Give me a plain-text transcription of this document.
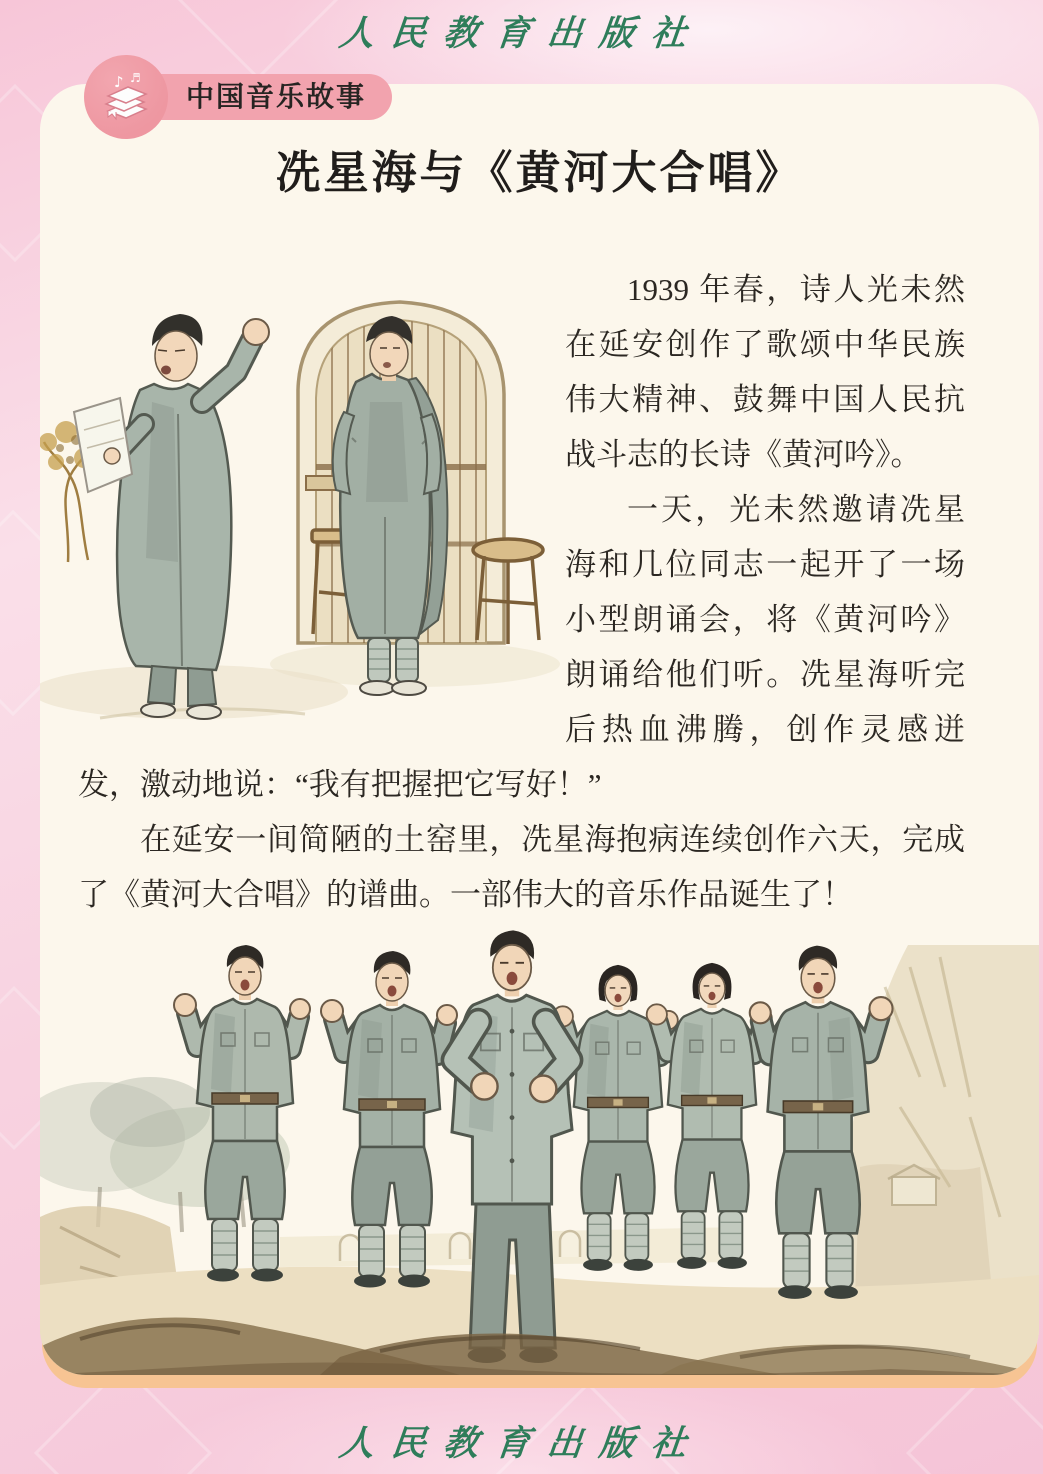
人民教育出版社
冼星海与《黄河大合唱》

1939 年春，诗人光未然在延安创作了歌颂中华民族伟大精神、鼓舞中国人民抗战斗志的长诗《黄河吟》。

一天，光未然邀请冼星海和几位同志一起开了一场小型朗诵会，将《黄河吟》朗诵给他们听。冼星海听完后热血沸腾，创作灵感迸发，激动地说：“我有把握把它写好！”

在延安一间简陋的土窑里，冼星海抱病连续创作六天，完成了《黄河大合唱》的谱曲。一部伟大的音乐作品诞生了！

♪ ♬
中国音乐故事
人民教育出版社
